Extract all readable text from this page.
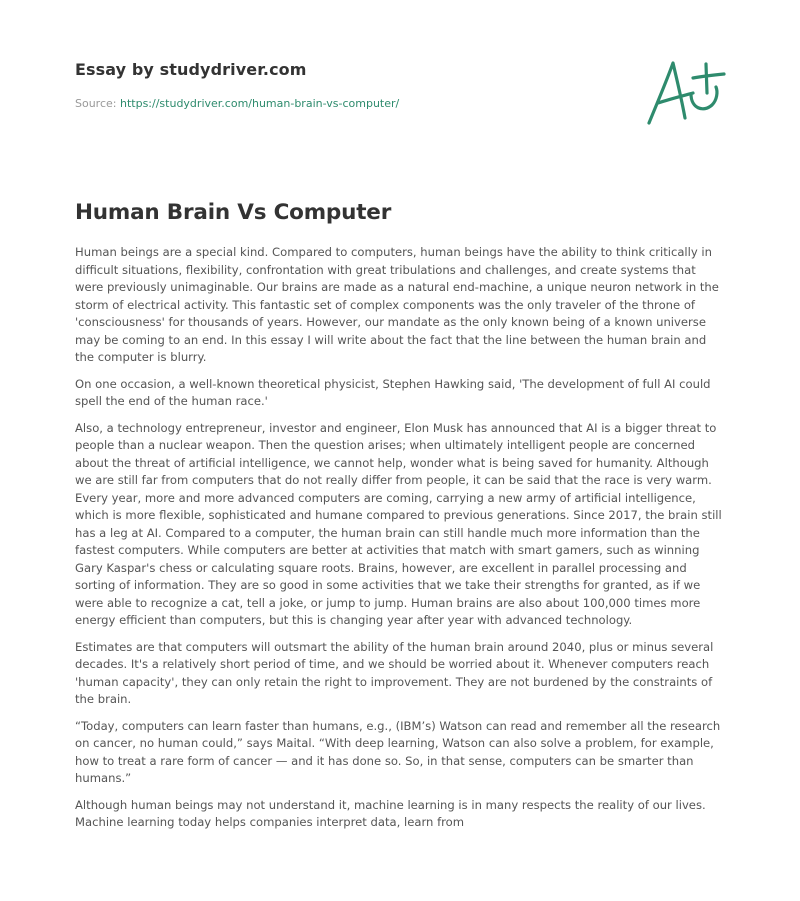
Essay by studydriver.com

Source: https://studydriver.com/human-brain-vs-computer/

Human Brain Vs Computer

Human beings are a special kind. Compared to computers, human beings have the ability to think critically in difficult situations, flexibility, confrontation with great tribulations and challenges, and create systems that were previously unimaginable. Our brains are made as a natural end-machine, a unique neuron network in the storm of electrical activity. This fantastic set of complex components was the only traveler of the throne of 'consciousness' for thousands of years. However, our mandate as the only known being of a known universe may be coming to an end. In this essay I will write about the fact that the line between the human brain and the computer is blurry.

On one occasion, a well-known theoretical physicist, Stephen Hawking said, 'The development of full AI could spell the end of the human race.'

Also, a technology entrepreneur, investor and engineer, Elon Musk has announced that AI is a bigger threat to people than a nuclear weapon. Then the question arises; when ultimately intelligent people are concerned about the threat of artificial intelligence, we cannot help, wonder what is being saved for humanity. Although we are still far from computers that do not really differ from people, it can be said that the race is very warm. Every year, more and more advanced computers are coming, carrying a new army of artificial intelligence, which is more flexible, sophisticated and humane compared to previous generations. Since 2017, the brain still has a leg at AI. Compared to a computer, the human brain can still handle much more information than the fastest computers. While computers are better at activities that match with smart gamers, such as winning Gary Kaspar's chess or calculating square roots. Brains, however, are excellent in parallel processing and sorting of information. They are so good in some activities that we take their strengths for granted, as if we were able to recognize a cat, tell a joke, or jump to jump. Human brains are also about 100,000 times more energy efficient than computers, but this is changing year after year with advanced technology.

Estimates are that computers will outsmart the ability of the human brain around 2040, plus or minus several decades. It's a relatively short period of time, and we should be worried about it. Whenever computers reach 'human capacity', they can only retain the right to improvement. They are not burdened by the constraints of the brain.

“Today, computers can learn faster than humans, e.g., (IBM’s) Watson can read and remember all the research on cancer, no human could,” says Maital. “With deep learning, Watson can also solve a problem, for example, how to treat a rare form of cancer — and it has done so. So, in that sense, computers can be smarter than humans.”

Although human beings may not understand it, machine learning is in many respects the reality of our lives. Machine learning today helps companies interpret data, learn from
